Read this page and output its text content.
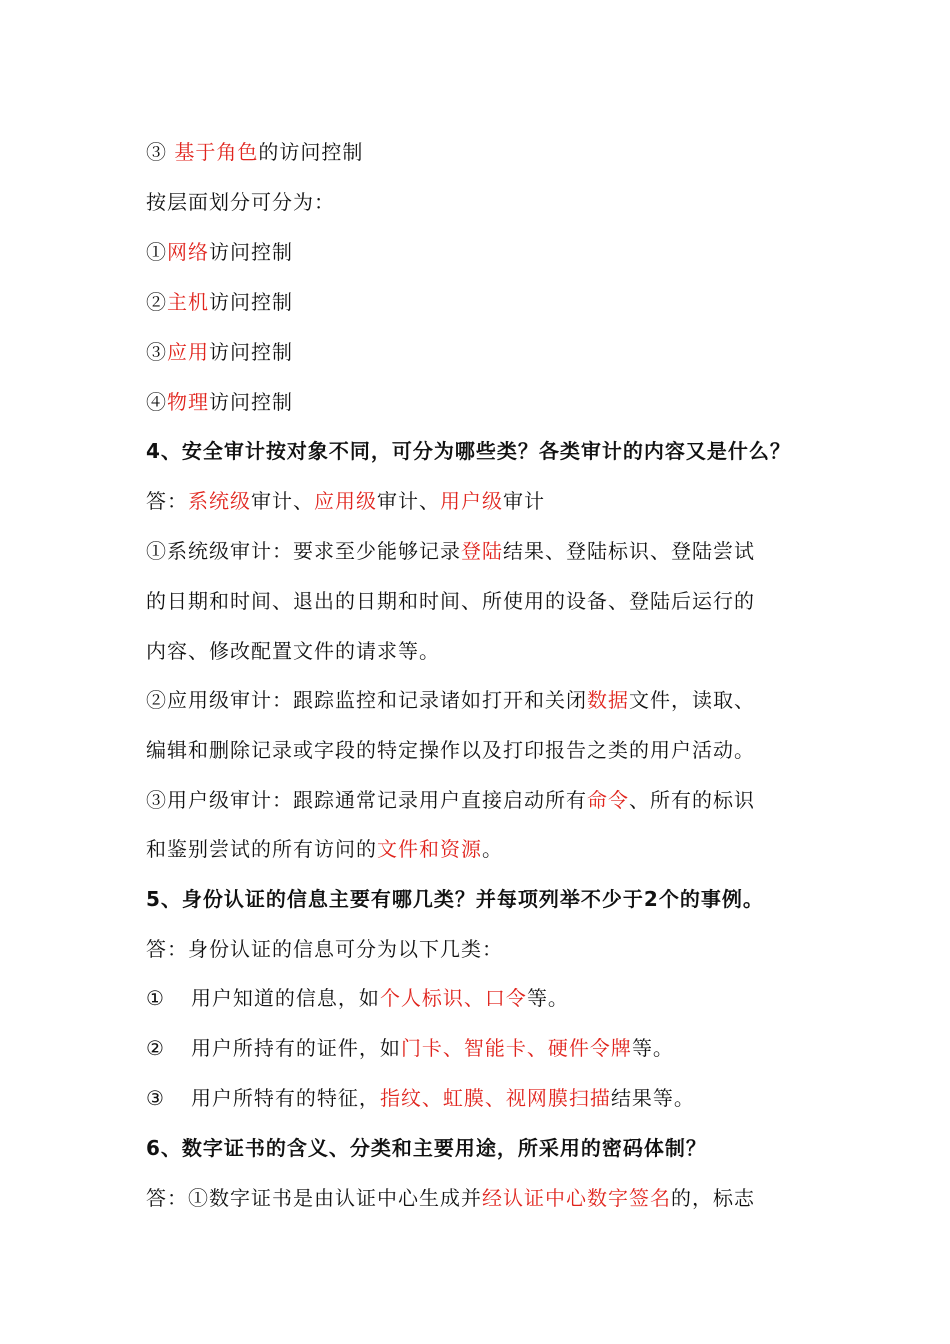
③ 基于角色的访问控制
按层面划分可分为：
①网络访问控制
②主机访问控制
③应用访问控制
④物理访问控制
4、安全审计按对象不同，可分为哪些类？各类审计的内容又是什么？
答：系统级审计、应用级审计、用户级审计
①系统级审计：要求至少能够记录登陆结果、登陆标识、登陆尝试
的日期和时间、退出的日期和时间、所使用的设备、登陆后运行的
内容、修改配置文件的请求等。
②应用级审计：跟踪监控和记录诸如打开和关闭数据文件，读取、
编辑和删除记录或字段的特定操作以及打印报告之类的用户活动。
③用户级审计：跟踪通常记录用户直接启动所有命令、所有的标识
和鉴别尝试的所有访问的文件和资源。
5、身份认证的信息主要有哪几类？并每项列举不少于2个的事例。
答：身份认证的信息可分为以下几类：
① 用户知道的信息，如个人标识、口令等。
② 用户所持有的证件，如门卡、智能卡、硬件令牌等。
③ 用户所特有的特征，指纹、虹膜、视网膜扫描结果等。
6、数字证书的含义、分类和主要用途，所采用的密码体制？
答：①数字证书是由认证中心生成并经认证中心数字签名的，标志
